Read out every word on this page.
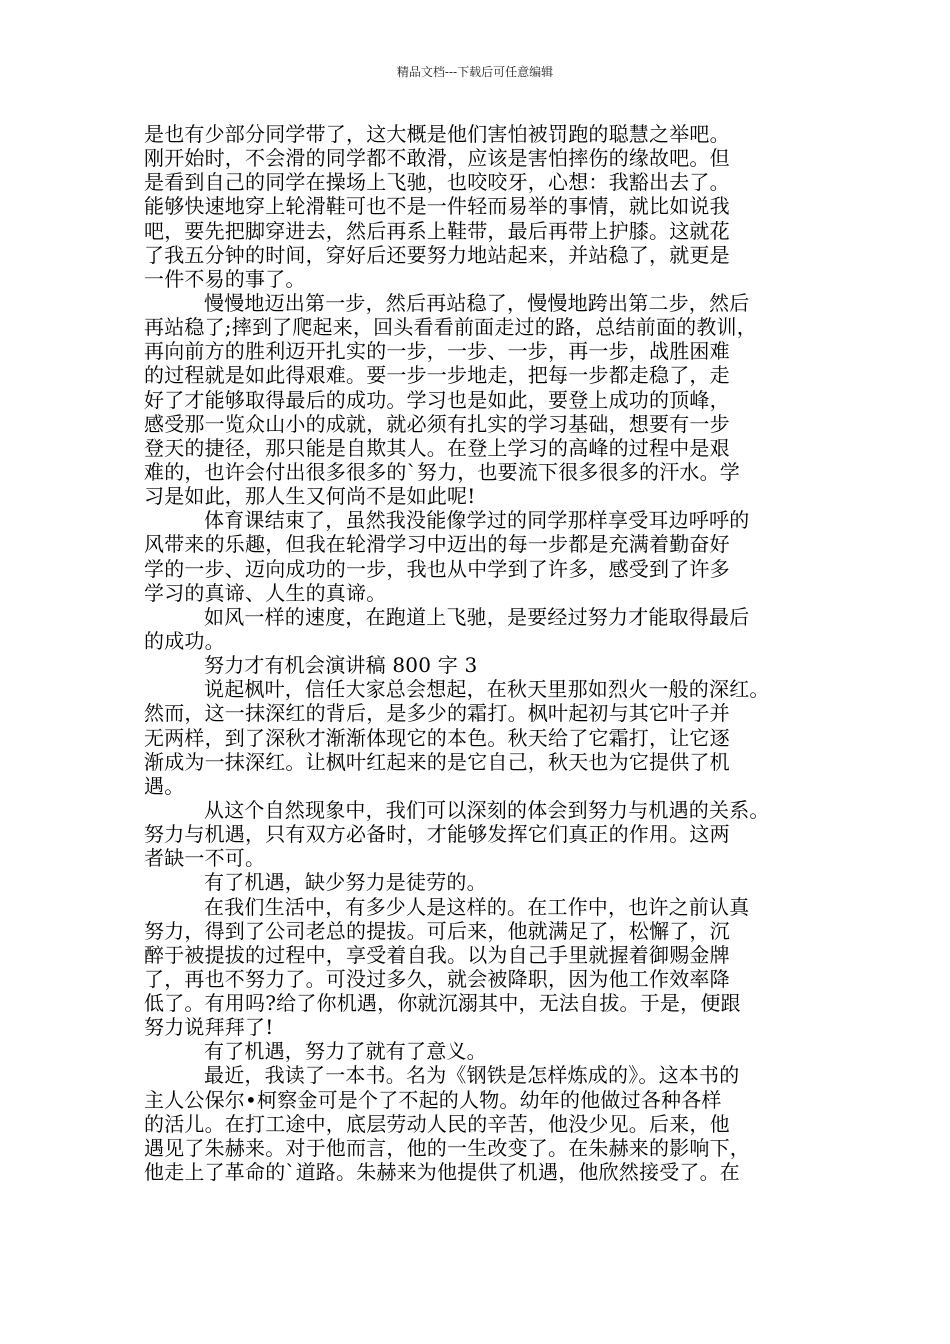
精品文档---下载后可任意编辑
是也有少部分同学带了，这大概是他们害怕被罚跑的聪慧之举吧。
刚开始时，不会滑的同学都不敢滑，应该是害怕摔伤的缘故吧。但
是看到自己的同学在操场上飞驰，也咬咬牙，心想：我豁出去了。
能够快速地穿上轮滑鞋可也不是一件轻而易举的事情，就比如说我
吧，要先把脚穿进去，然后再系上鞋带，最后再带上护膝。这就花
了我五分钟的时间，穿好后还要努力地站起来，并站稳了，就更是
一件不易的事了。
慢慢地迈出第一步，然后再站稳了，慢慢地跨出第二步，然后
再站稳了;摔到了爬起来，回头看看前面走过的路，总结前面的教训，
再向前方的胜利迈开扎实的一步，一步、一步，再一步，战胜困难
的过程就是如此得艰难。要一步一步地走，把每一步都走稳了，走
好了才能够取得最后的成功。学习也是如此，要登上成功的顶峰，
感受那一览众山小的成就，就必须有扎实的学习基础，想要有一步
登天的捷径，那只能是自欺其人。在登上学习的高峰的过程中是艰
难的，也许会付出很多很多的`努力，也要流下很多很多的汗水。学
习是如此，那人生又何尚不是如此呢!
体育课结束了，虽然我没能像学过的同学那样享受耳边呼呼的
风带来的乐趣，但我在轮滑学习中迈出的每一步都是充满着勤奋好
学的一步、迈向成功的一步，我也从中学到了许多，感受到了许多
学习的真谛、人生的真谛。
如风一样的速度，在跑道上飞驰，是要经过努力才能取得最后
的成功。
努力才有机会演讲稿 800 字 3
说起枫叶，信任大家总会想起，在秋天里那如烈火一般的深红。
然而，这一抹深红的背后，是多少的霜打。枫叶起初与其它叶子并
无两样，到了深秋才渐渐体现它的本色。秋天给了它霜打，让它逐
渐成为一抹深红。让枫叶红起来的是它自己，秋天也为它提供了机
遇。
从这个自然现象中，我们可以深刻的体会到努力与机遇的关系。
努力与机遇，只有双方必备时，才能够发挥它们真正的作用。这两
者缺一不可。
有了机遇，缺少努力是徒劳的。
在我们生活中，有多少人是这样的。在工作中，也许之前认真
努力，得到了公司老总的提拔。可后来，他就满足了，松懈了，沉
醉于被提拔的过程中，享受着自我。以为自己手里就握着御赐金牌
了，再也不努力了。可没过多久，就会被降职，因为他工作效率降
低了。有用吗?给了你机遇，你就沉溺其中，无法自拔。于是，便跟
努力说拜拜了!
有了机遇，努力了就有了意义。
最近，我读了一本书。名为《钢铁是怎样炼成的》。这本书的
主人公保尔•柯察金可是个了不起的人物。幼年的他做过各种各样
的活儿。在打工途中，底层劳动人民的辛苦，他没少见。后来，他
遇见了朱赫来。对于他而言，他的一生改变了。在朱赫来的影响下，
他走上了革命的`道路。朱赫来为他提供了机遇，他欣然接受了。在
